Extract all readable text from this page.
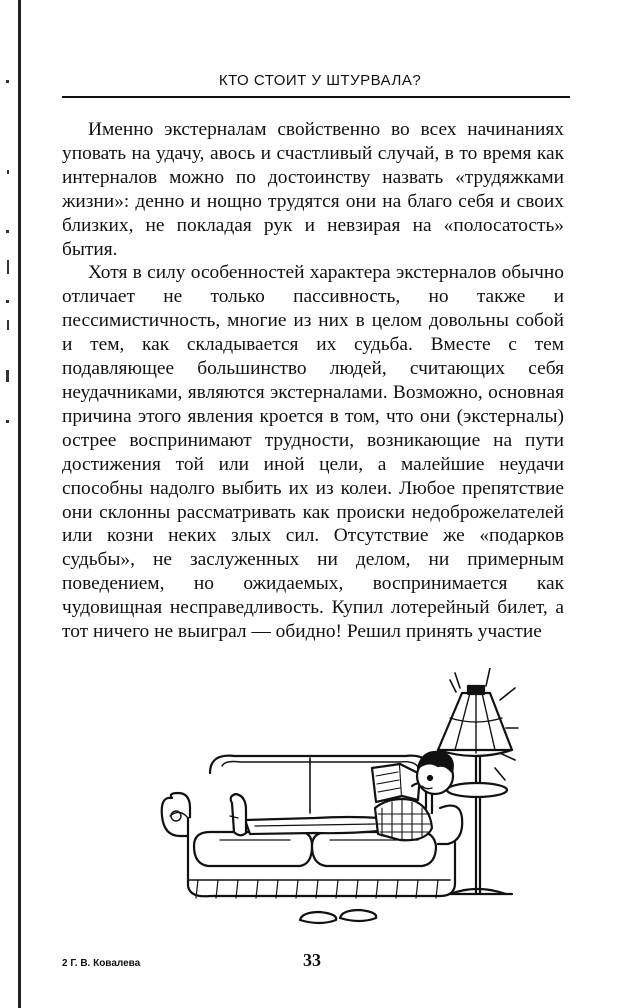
КТО СТОИТ У ШТУРВАЛА?

Именно экстерналам свойственно во всех начинаниях уповать на удачу, авось и счастливый случай, в то время как интерналов можно по достоинству назвать «трудяжками жизни»: денно и нощно трудятся они на благо себя и своих близких, не покладая рук и невзирая на «полосатость» бытия.

Хотя в силу особенностей характера экстерналов обычно отличает не только пассивность, но также и пессимистичность, многие из них в целом довольны собой и тем, как складывается их судьба. Вместе с тем подавляющее большинство людей, считающих себя неудачниками, являются экстерналами. Возможно, основная причина этого явления кроется в том, что они (экстерналы) острее воспринимают трудности, возникающие на пути достижения той или иной цели, а малейшие неудачи способны надолго выбить их из колеи. Любое препятствие они склонны рассматривать как происки недоброжелателей или козни неких злых сил. Отсутствие же «подарков судьбы», не заслуженных ни делом, ни примерным поведением, но ожидаемых, воспринимается как чудовищная несправедливость. Купил лотерейный билет, а тот ничего не выиграл — обидно! Решил принять участие

2 Г. В. Ковалева	33
